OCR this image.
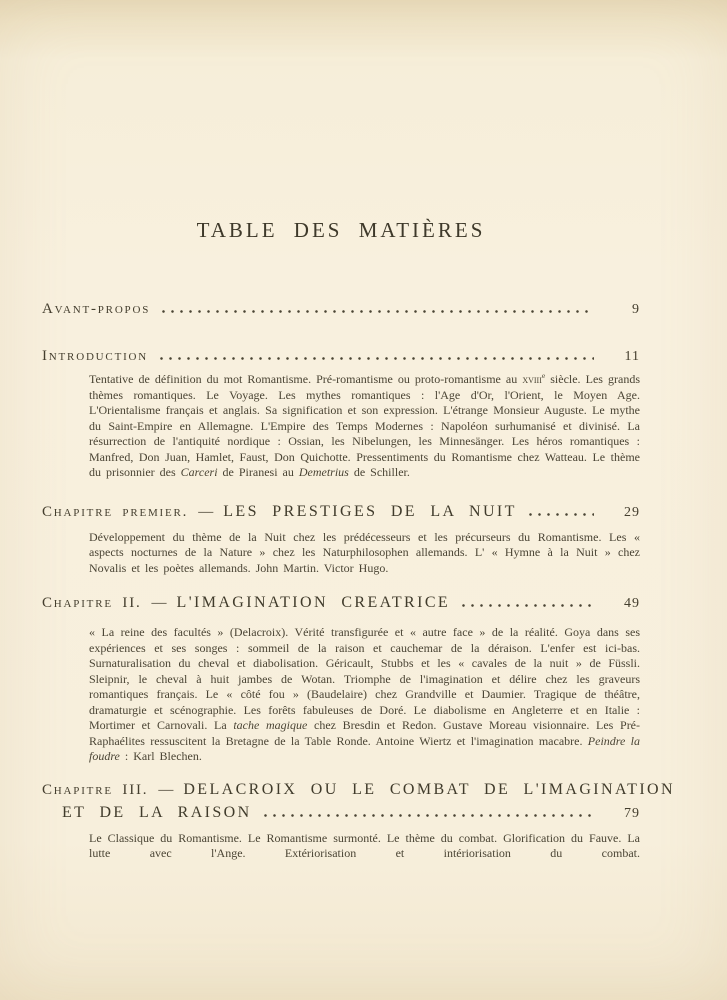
TABLE DES MATIÈRES
Avant-propos	9
Introduction	11

Tentative de définition du mot Romantisme. Pré-romantisme ou proto-romantisme au xviii$^e$ siècle. Les grands thèmes romantiques. Le Voyage. Les mythes romantiques : l'Age d'Or, l'Orient, le Moyen Age. L'Orientalisme français et anglais. Sa signification et son expression. L'étrange Monsieur Auguste. Le mythe du Saint-Empire en Allemagne. L'Empire des Temps Modernes : Napoléon surhumanisé et divinisé. La résurrection de l'antiquité nordique : Ossian, les Nibelungen, les Minnesänger. Les héros romantiques : Manfred, Don Juan, Hamlet, Faust, Don Quichotte. Pressentiments du Romantisme chez Watteau. Le thème du prisonnier des Carceri de Piranesi au Demetrius de Schiller.

Chapitre premier. — LES PRESTIGES DE LA NUIT	29

Développement du thème de la Nuit chez les prédécesseurs et les précurseurs du Romantisme. Les « aspects nocturnes de la Nature » chez les Naturphilosophen allemands. L' « Hymne à la Nuit » chez Novalis et les poètes allemands. John Martin. Victor Hugo.

Chapitre II. — L'IMAGINATION CREATRICE	49

« La reine des facultés » (Delacroix). Vérité transfigurée et « autre face » de la réalité. Goya dans ses expériences et ses songes : sommeil de la raison et cauchemar de la déraison. L'enfer est ici-bas. Surnaturalisation du cheval et diabolisation. Géricault, Stubbs et les « cavales de la nuit » de Füssli. Sleipnir, le cheval à huit jambes de Wotan. Triomphe de l'imagination et délire chez les graveurs romantiques français. Le « côté fou » (Baudelaire) chez Grandville et Daumier. Tragique de théâtre, dramaturgie et scénographie. Les forêts fabuleuses de Doré. Le diabolisme en Angleterre et en Italie : Mortimer et Carnovali. La tache magique chez Bresdin et Redon. Gustave Moreau visionnaire. Les Pré-Raphaélites ressuscitent la Bretagne de la Table Ronde. Antoine Wiertz et l'imagination macabre. Peindre la foudre : Karl Blechen.

Chapitre III. — DELACROIX OU LE COMBAT DE L'IMAGINATION
ET DE LA RAISON	79

Le Classique du Romantisme. Le Romantisme surmonté. Le thème du combat. Glorification du Fauve. La lutte avec l'Ange. Extériorisation et intériorisation du combat.
